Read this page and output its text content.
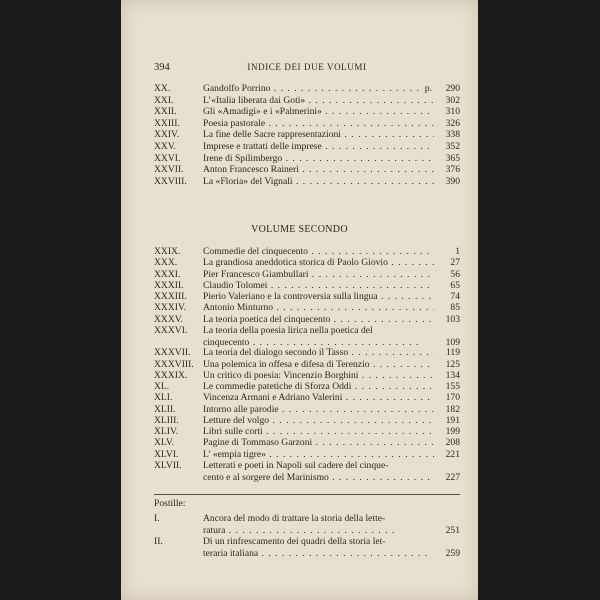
394	INDICE DEI DUE VOLUMI
XX.	Gandolfo Porrino . . .	p. 290
XXI.	L’«Italia liberata dai Goti» . . .	302
XXII.	Gli «Amadigi» e i «Palmerini» . . .	310
XXIII. Poesia pastorale . . .	326
XXIV. La fine delle Sacre rappresentazioni . . .	338
XXV.	Imprese e trattati delle imprese . . .	352
XXVI. Irene di Spilimbergo . . .	365
XXVII. Anton Francesco Rainerì . . .	376
XXVIII. La «Floria» del Vignali . . .	390
VOLUME SECONDO
XXIX. Commedie del cinquecento . . .	1
XXX.	La grandiosa aneddotica storica di Paolo Giovio . . .	27
XXXI. Pier Francesco Giambullari . . .	56
XXXII. Claudio Tolomei . . .	65
XXXIII. Pierio Valeriano e la controversia sulla lingua . . .	74
XXXIV. Antonio Minturno . . .	85
XXXV. La teoria poetica del cinquecento . . .	103
XXXVI. La teoria della poesia lirica nella poetica del
cinquecento . . .	109
XXXVII. La teoria del dialogo secondo il Tasso . . .	119
XXXVIII. Una polemica in offesa e difesa di Terenzio . . .	125
XXXIX. Un critico di poesia: Vincenzio Borghini . . .	134
XL.	Le commedie patetiche di Sforza Oddi . . .	155
XLI.	Vincenza Armani e Adriano Valerini . . .	170
XLII.	Intorno alle parodie . . .	182
XLIII.	Letture del volgo . . .	191
XLIV.	Libri sulle corti . . .	199
XLV.	Pagine di Tommaso Garzoni . . .	208
XLVI.	L’ «empia tigre» . . .	221
XLVII. Letterati e poeti in Napoli sul cadere del cinque-
cento e al sorgere del Marinismo . . .	227
Postille:
I.	Ancora del modo di trattare la storia della lette-
ratura . . .	251
II.	Di un rinfrescamento dei quadri della storia let-
teraria italiana . . .	259
